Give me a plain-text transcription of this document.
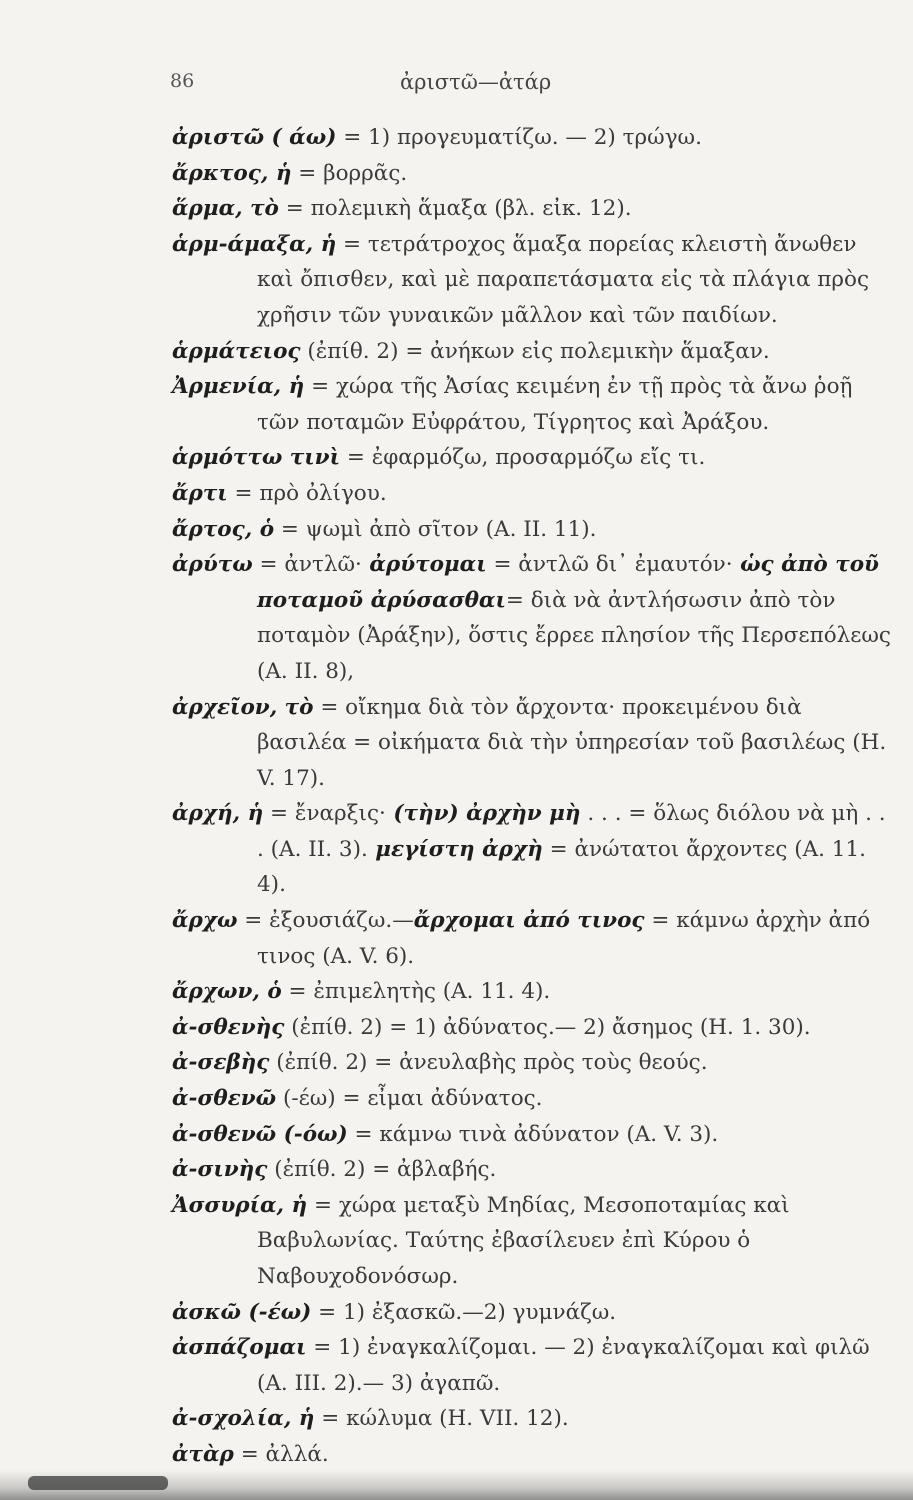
86	ἀριστῶ—ἀτάρ

ἀριστῶ ( άω) = 1) προγευματίζω. — 2) τρώγω.

ἄρκτος, ἡ = βορρᾶς.

ἅρμα, τὸ = πολεμικὴ ἅμαξα (βλ. εἰκ. 12).

ἁρμ-άμαξα, ἡ = τετράτροχος ἅμαξα πορείας κλειστὴ ἄνωθεν καὶ ὄπισθεν, καὶ μὲ παραπετάσματα εἰς τὰ πλάγια πρὸς χρῆσιν τῶν γυναικῶν μᾶλλον καὶ τῶν παιδίων.

ἁρμάτειος (ἐπίθ. 2) = ἀνήκων εἰς πολεμικὴν ἅμαξαν.

Ἀρμενία, ἡ = χώρα τῆς Ἀσίας κειμένη ἐν τῇ πρὸς τὰ ἄνω ῥοῇ τῶν ποταμῶν Εὐφράτου, Τίγρητος καὶ Ἀράξου.

ἁρμόττω τινὶ = ἐφαρμόζω, προσαρμόζω εἴς τι.

ἄρτι = πρὸ ὀλίγου.

ἄρτος, ὁ = ψωμὶ ἀπὸ σῖτον (Α. ΙΙ. 11).

ἀρύτω = ἀντλῶ· ἀρύτομαι = ἀντλῶ δι᾽ ἐμαυτόν· ὡς ἀπὸ τοῦ ποταμοῦ ἀρύσασθαι= διὰ νὰ ἀντλήσωσιν ἀπὸ τὸν ποταμὸν (Ἀράξην), ὅστις ἔρρεε πλησίον τῆς Περσεπόλεως (Α. ΙΙ. 8),

ἀρχεῖον, τὸ = οἴκημα διὰ τὸν ἄρχοντα· προκειμένου διὰ βασιλέα = οἰκήματα διὰ τὴν ὑπηρεσίαν τοῦ βασιλέως (Η. V. 17).

ἀρχή, ἡ = ἔναρξις· (τὴν) ἀρχὴν μὴ . . . = ὅλως διόλου νὰ μὴ . . . (Α. ΙΙ. 3). μεγίστη ἀρχὴ = ἀνώτατοι ἄρχοντες (Α. 11. 4).

ἄρχω = ἐξουσιάζω.—ἄρχομαι ἀπό τινος = κάμνω ἀρχὴν ἀπό τινος (Α. V. 6).

ἄρχων, ὁ = ἐπιμελητὴς (Α. 11. 4).

ἀ-σθενὴς (ἐπίθ. 2) = 1) ἀδύνατος.— 2) ἄσημος (Η. 1. 30).

ἀ-σεβὴς (ἐπίθ. 2) = ἀνευλαβὴς πρὸς τοὺς θεούς.

ἀ-σθενῶ (-έω) = εἶμαι ἀδύνατος.

ἀ-σθενῶ (-όω) = κάμνω τινὰ ἀδύνατον (Α. V. 3).

ἀ-σινὴς (ἐπίθ. 2) = ἀβλαβής.

Ἀσσυρία, ἡ = χώρα μεταξὺ Μηδίας, Μεσοποταμίας καὶ Βαβυλωνίας. Ταύτης ἐβασίλευεν ἐπὶ Κύρου ὁ Ναβουχοδονόσωρ.

ἀσκῶ (-έω) = 1) ἐξασκῶ.—2) γυμνάζω.

ἀσπάζομαι = 1) ἐναγκαλίζομαι. — 2) ἐναγκαλίζομαι καὶ φιλῶ (Α. ΙΙΙ. 2).— 3) ἀγαπῶ.

ἀ-σχολία, ἡ = κώλυμα (Η. VII. 12).

ἀτὰρ = ἀλλά.
